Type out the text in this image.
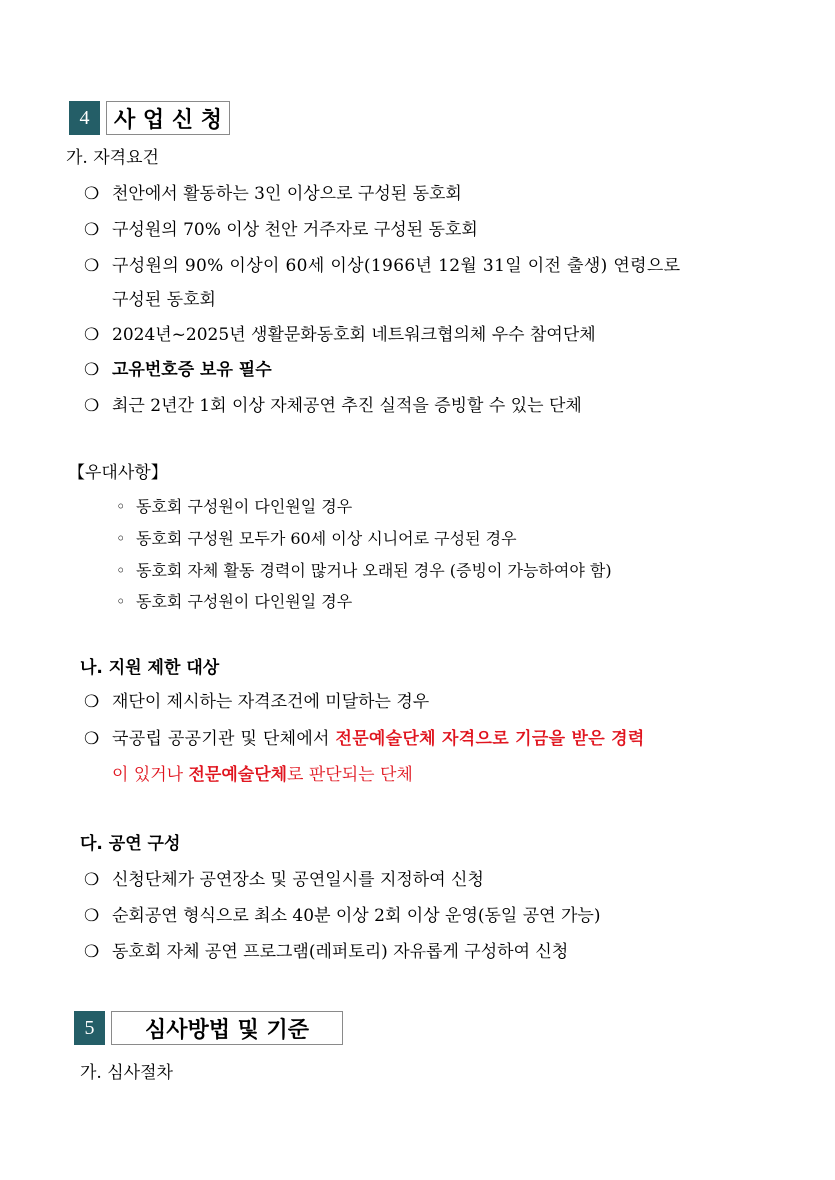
4	사 업 신 청
가. 자격요건
❍ 천안에서 활동하는 3인 이상으로 구성된 동호회
❍ 구성원의 70% 이상 천안 거주자로 구성된 동호회
❍ 구성원의 90% 이상이 60세 이상(1966년 12월 31일 이전 출생) 연령으로
구성된 동호회
❍ 2024년~2025년 생활문화동호회 네트워크협의체 우수 참여단체
❍ 고유번호증 보유 필수
❍ 최근 2년간 1회 이상 자체공연 추진 실적을 증빙할 수 있는 단체
【우대사항】
◦ 동호회 구성원이 다인원일 경우
◦ 동호회 구성원 모두가 60세 이상 시니어로 구성된 경우
◦ 동호회 자체 활동 경력이 많거나 오래된 경우 (증빙이 가능하여야 함)
◦ 동호회 구성원이 다인원일 경우
나. 지원 제한 대상
❍ 재단이 제시하는 자격조건에 미달하는 경우
❍ 국공립 공공기관 및 단체에서 전문예술단체 자격으로 기금을 받은 경력
이 있거나 전문예술단체로 판단되는 단체
다. 공연 구성
❍ 신청단체가 공연장소 및 공연일시를 지정하여 신청
❍ 순회공연 형식으로 최소 40분 이상 2회 이상 운영(동일 공연 가능)
❍ 동호회 자체 공연 프로그램(레퍼토리) 자유롭게 구성하여 신청
5	심사방법 및 기준
가. 심사절차
